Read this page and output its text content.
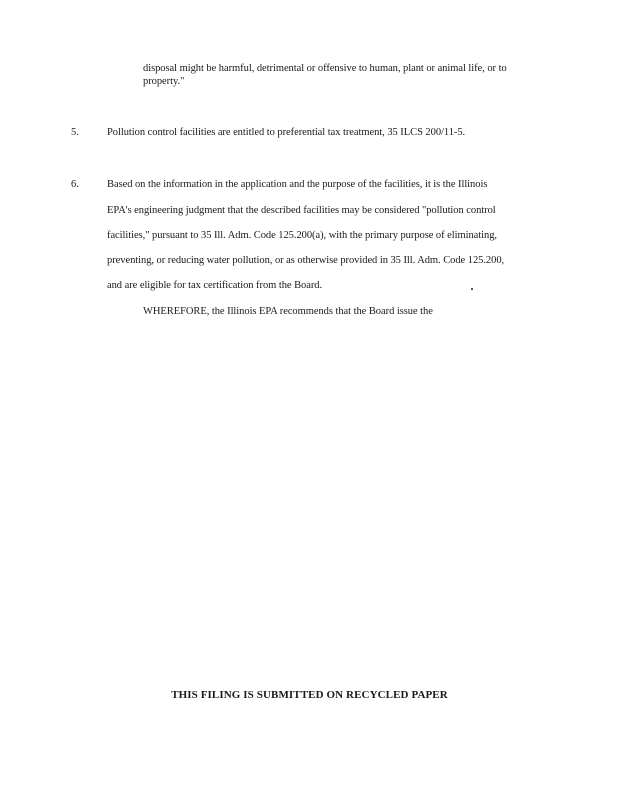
disposal might be harmful, detrimental or offensive to human, plant or animal life, or to
property."
5.	Pollution control facilities are entitled to preferential tax treatment, 35 ILCS 200/11-5.
6.	Based on the information in the application and the purpose of the facilities, it is the Illinois
EPA's engineering judgment that the described facilities may be considered "pollution control
facilities," pursuant to 35 Ill. Adm. Code 125.200(a), with the primary purpose of eliminating,
preventing, or reducing water pollution, or as otherwise provided in 35 Ill. Adm. Code 125.200,
and are eligible for tax certification from the Board.
WHEREFORE, the Illinois EPA recommends that the Board issue the
THIS FILING IS SUBMITTED ON RECYCLED PAPER
